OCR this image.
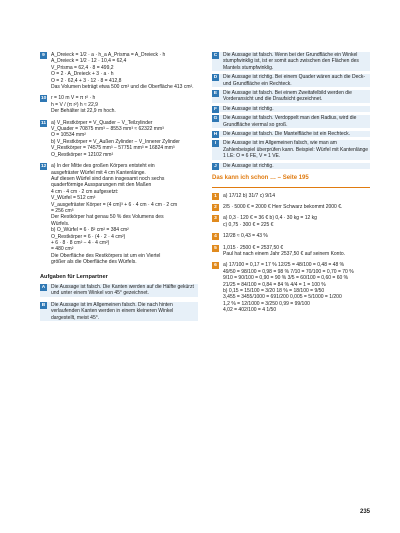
9	A_Dreieck = 1/2 · a · h_a A_Prisma = A_Dreieck · h
A_Dreieck = 1/2 · 12 · 10,4 = 62,4
V_Prisma = 62,4 · 8 = 499,2
O = 2 · A_Dreieck + 3 · a · h
O = 2 · 62,4 + 3 · 12 · 8 = 412,8
Das Volumen beträgt etwa 500 cm³ und die Oberfläche 413 cm².
10 r = 10 m V = π r² · h
h = V / (π r²) h ≈ 22,9
Der Behälter ist 22,9 m hoch.
11 a) V_Restkörper = V_Quader − V_Teilzylinder
V_Quader = 70875 mm³ − 8553 mm³ ≈ 62322 mm³
O = 10534 mm²
b) V_Restkörper = V_Außen Zylinder − V_Innerer Zylinder
V_Restkörper = 74575 mm³ − 57751 mm³ = 16824 mm³
O_Restkörper = 12102 mm²
12 a) In der Mitte des großen Körpers entsteht ein
ausgefräster Würfel mit 4 cm Kantenlänge.
Auf diesen Würfel sind dann insgesamt noch sechs
quaderförmige Aussparungen mit den Maßen
4 cm · 4 cm · 2 cm aufgesetzt:
V_Würfel = 512 cm³
V_ausgefräster Körper = (4 cm)³ + 6 · 4 cm · 4 cm · 2 cm
= 256 cm³
Der Restkörper hat genau 50 % des Volumens des
Würfels.
b) O_Würfel = 6 · 8² cm² = 384 cm²
O_Restkörper = 6 · (4 · 2 · 4 cm²)
+ 6 · 8 · 8 cm² − 4 · 4 cm²)
= 480 cm²
Die Oberfläche des Restkörpers ist um ein Viertel
größer als die Oberfläche des Würfels.
Aufgaben für Lernpartner
A	Die Aussage ist falsch. Die Kanten werden auf die Hälfte gekürzt und unter einem Winkel von 45° gezeichnet.
B	Die Aussage ist im Allgemeinen falsch. Die nach hinten verlaufenden Kanten werden in einem kleineren Winkel dargestellt, meist 45°.
C	Die Aussage ist falsch. Wenn bei der Grundfläche ein Winkel stumpfwinklig ist, ist er somit auch zwischen den Flächen des Mantels stumpfwinklig.
D	Die Aussage ist richtig. Bei einem Quader wären auch die Deck- und Grundfläche ein Rechteck.
E	Die Aussage ist falsch. Bei einem Zweitafelbild werden die Vorderansicht und die Draufsicht gezeichnet.
F	Die Aussage ist richtig.
G	Die Aussage ist falsch. Verdoppelt man den Radius, wird die Grundfläche viermal so groß.
H	Die Aussage ist falsch. Die Mantelfläche ist ein Rechteck.
I	Die Aussage ist im Allgemeinen falsch, wie man am Zahlenbeispiel überprüfen kann. Beispiel: Würfel mit Kantenlänge 1 LE: O = 6 FE, V = 1 VE.
J	Die Aussage ist richtig.
Das kann ich schon … – Seite 195
1	a) 17/12 b) 31/7 c) 9/14
2	2/5 · 5000 € = 2000 € Herr Schwarz bekommt 2000 €.
3	a) 0,3 · 120 € = 36 € b) 0,4 · 30 kg = 12 kg
c) 0,75 · 300 € = 225 €
4	12/28 ≈ 0,43 = 43 %
5	1,015 · 2500 € = 2537,50 €
Paul hat nach einem Jahr 2537,50 € auf seinem Konto.
6	a) 17/100 = 0,17 = 17 % 12/25 = 48/100 = 0,48 = 48 %
49/50 = 98/100 = 0,98 = 98 % 7/10 = 70/100 = 0,70 = 70 %
9/10 = 90/100 = 0,90 = 90 % 3/5 = 60/100 = 0,60 = 60 %
21/25 = 84/100 = 0,84 = 84 % 4/4 = 1 = 100 %
b) 0,15 = 15/100 = 3/20 18 % = 18/100 = 9/50
3,455 = 3455/1000 = 691/200 0,005 = 5/1000 = 1/200
1,2 % = 12/1000 = 3/250 0,99 = 99/100
4,02 = 402/100 = 4 1/50
235
